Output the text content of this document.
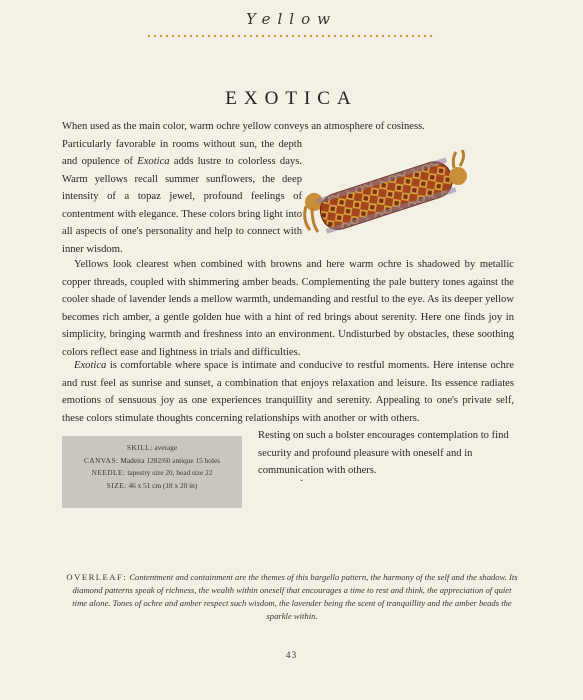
Yellow
EXOTICA

When used as the main color, warm ochre yellow conveys an atmosphere of cosiness.
Particularly favorable in rooms without sun, the depth and opulence of Exotica adds lustre to colorless days. Warm yellows recall summer sunflowers, the deep intensity of a topaz jewel, profound feelings of contentment with elegance. These colors bring light into all aspects of one's personality and help to connect with inner wisdom.

Yellows look clearest when combined with browns and here warm ochre is shadowed by metallic copper threads, coupled with shimmering amber beads. Complementing the pale buttery tones against the cooler shade of lavender lends a mellow warmth, undemanding and restful to the eye. As its deeper yellow becomes rich amber, a gentle golden hue with a hint of red brings about serenity. Here one finds joy in simplicity, bringing warmth and freshness into an environment. Undisturbed by obstacles, these soothing colors reflect ease and lightness in trials and difficulties.

Exotica is comfortable where space is intimate and conducive to restful moments. Here intense ochre and rust feel as sunrise and sunset, a combination that enjoys relaxation and leisure. Its essence radiates emotions of sensuous joy as one experiences tranquillity and serenity. Appealing to one's private self, these colors stimulate thoughts concerning relationships with another or with others.

Resting on such a bolster encourages contemplation to find security and profound pleasure with oneself and in communication with others.

SKILL: average
CANVAS: Madeira 1282/60 antique 15 holes
NEEDLE: tapestry size 20, bead size 22
SIZE: 46 x 51 cm (18 x 20 in)	ˇ
OVERLEAF: Contentment and containment are the themes of this bargello pattern, the harmony of the self and the shadow. Its diamond patterns speak of richness, the wealth within oneself that encourages a time to rest and think, the appreciation of quiet time alone. Tones of ochre and amber respect such wisdom, the lavender being the scent of tranquillity and the amber beads the sparkle within.
43
